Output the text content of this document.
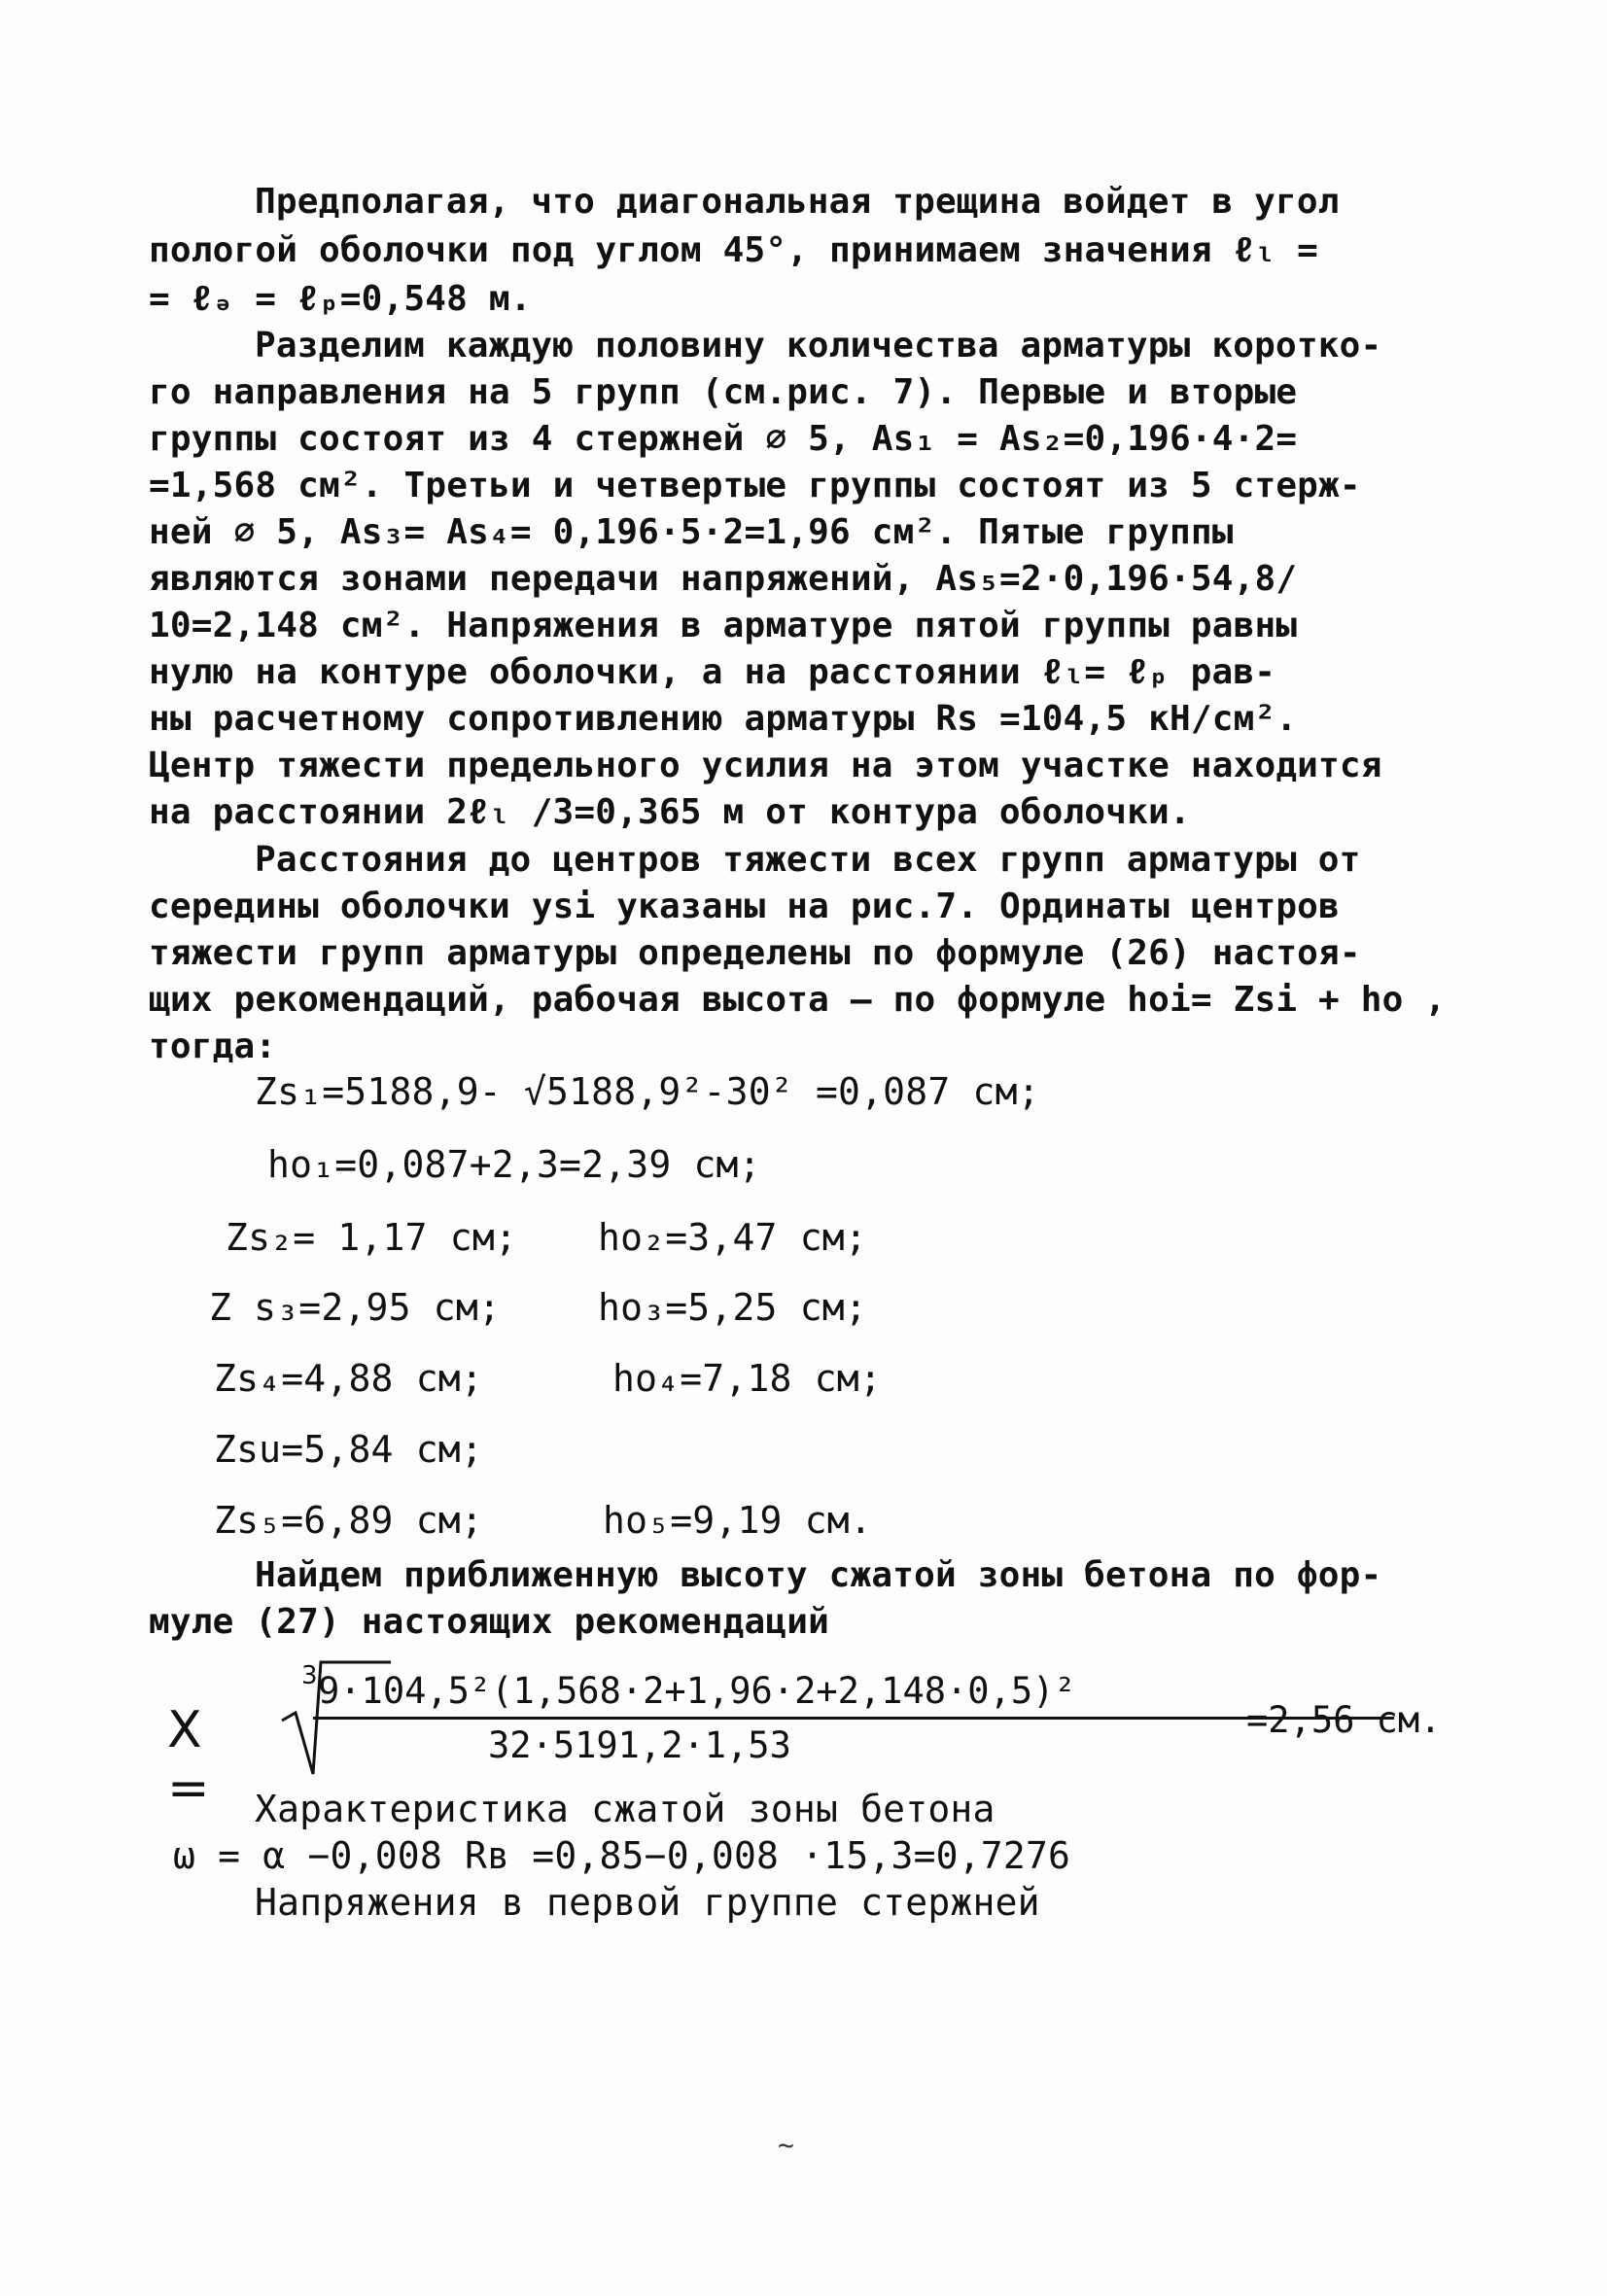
Предполагая, что диагональная трещина войдет в угол
пологой оболочки под углом 45°, принимаем значения ℓₗ =
= ℓₔ = ℓₚ=0,548 м.
Разделим каждую половину количества арматуры коротко-
го направления на 5 групп (см.рис. 7). Первые и вторые
группы состоят из 4 стержней ∅ 5, As₁ = As₂=0,196·4·2=
=1,568 см². Третьи и четвертые группы состоят из 5 стерж-
ней ∅ 5, As₃= As₄= 0,196·5·2=1,96 см². Пятые группы
являются зонами передачи напряжений, As₅=2·0,196·54,8/
10=2,148 см². Напряжения в арматуре пятой группы равны
нулю на контуре оболочки, а на расстоянии ℓₗ= ℓₚ рав-
ны расчетному сопротивлению арматуры Rs =104,5 кН/см².
Центр тяжести предельного усилия на этом участке находится
на расстоянии 2ℓₗ /3=0,365 м от контура оболочки.
Расстояния до центров тяжести всех групп арматуры от
середины оболочки ysi указаны на рис.7. Ординаты центров
тяжести групп арматуры определены по формуле (26) настоя-
щих рекомендаций, рабочая высота – по формуле hoi= Zsi + ho ,
тогда:
Zs₁=5188,9- √5188,9²-30² =0,087 см;
ho₁=0,087+2,3=2,39 см;
Zs₂= 1,17 см; ho₂=3,47 см;
Z s₃=2,95 см;	ho₃=5,25 см;
Zs₄=4,88 см;	ho₄=7,18 см;
Zsu=5,84 см;
Zs₅=6,89 см;	ho₅=9,19 см.
Найдем приближенную высоту сжатой зоны бетона по фор-
муле (27) настоящих рекомендаций
X =
3 9·104,5²(1,568·2+1,96·2+2,148·0,5)²
32·5191,2·1,53
=2,56 см.
Характеристика сжатой зоны бетона
ω = α −0,008 Rв =0,85−0,008 ·15,3=0,7276
Напряжения в первой группе стержней
~
